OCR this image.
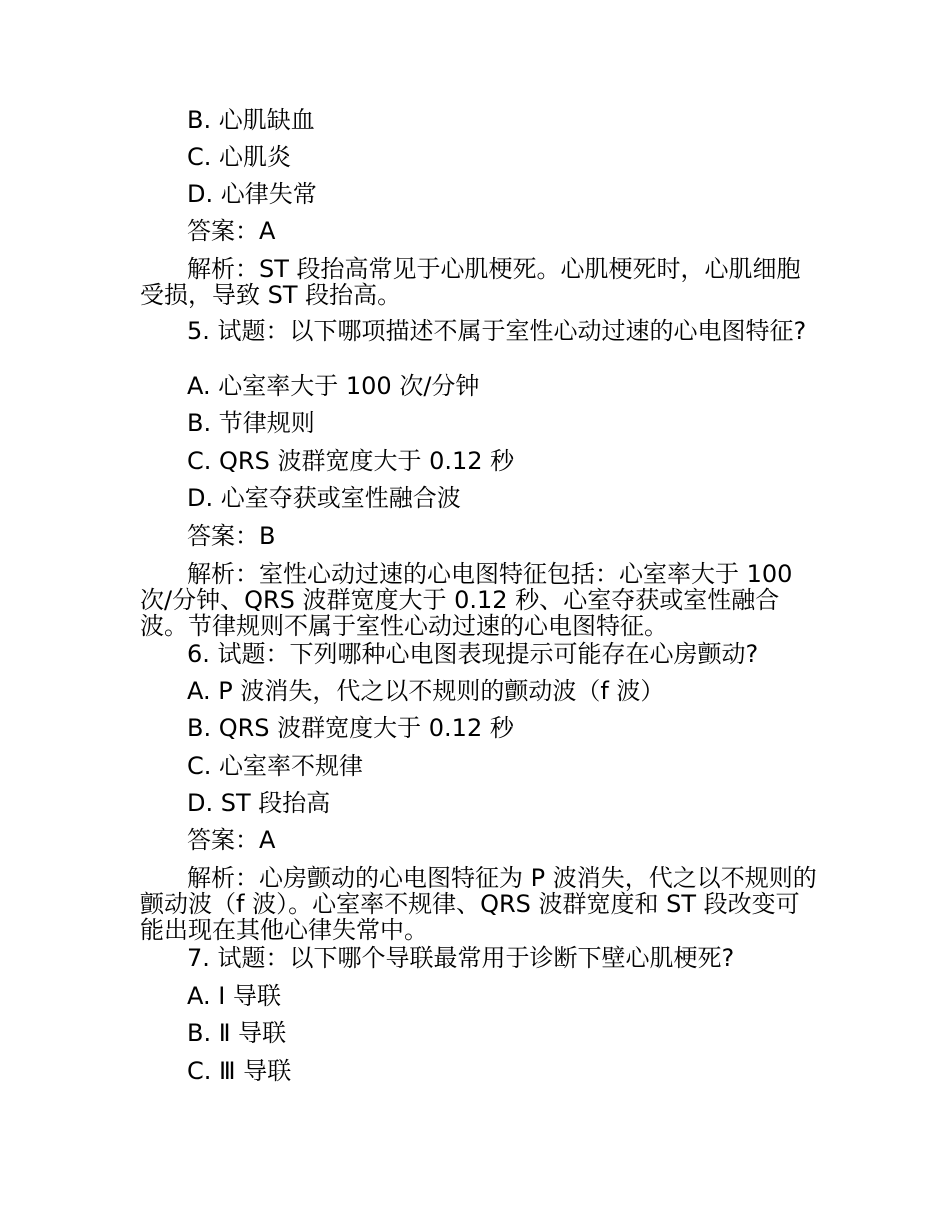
B. 心肌缺血

C. 心肌炎

D. 心律失常

答案：A

解析：ST 段抬高常见于心肌梗死。心肌梗死时，心肌细胞受损，导致 ST 段抬高。

5. 试题：以下哪项描述不属于室性心动过速的心电图特征?

A. 心室率大于 100 次/分钟

B. 节律规则

C. QRS 波群宽度大于 0.12 秒

D. 心室夺获或室性融合波

答案：B

解析：室性心动过速的心电图特征包括：心室率大于 100 次/分钟、QRS 波群宽度大于 0.12 秒、心室夺获或室性融合波。节律规则不属于室性心动过速的心电图特征。

6. 试题：下列哪种心电图表现提示可能存在心房颤动?

A. P 波消失，代之以不规则的颤动波（f 波）

B. QRS 波群宽度大于 0.12 秒

C. 心室率不规律

D. ST 段抬高

答案：A

解析：心房颤动的心电图特征为 P 波消失，代之以不规则的颤动波（f 波）。心室率不规律、QRS 波群宽度和 ST 段改变可能出现在其他心律失常中。

7. 试题：以下哪个导联最常用于诊断下壁心肌梗死?

A. Ⅰ 导联

B. Ⅱ 导联

C. Ⅲ 导联
